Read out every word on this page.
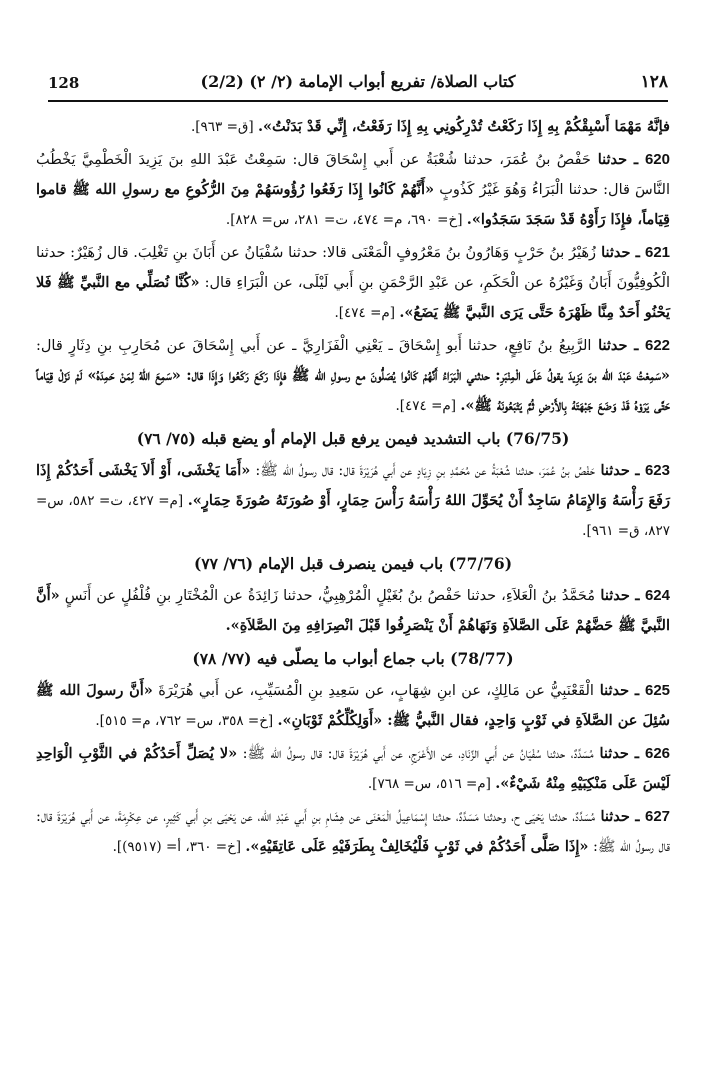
128	(2/2) كتاب الصلاة/ تفريع أبواب الإمامة (٢/ ٢)	١٢٨

فإنَّهُ مَهْمَا أَسْبِقْكُمْ بِهِ إِذَا رَكَعْتُ تُدْرِكُونِي بِهِ إِذَا رَفَعْتُ، إِنِّي قَدْ بَدَنْتُ». [ق= ٩٦٣].

620 ـ حدثنا حَفْصُ بنُ عُمَرَ، حدثنا شُعْبَةُ عن أَبي إِسْحَاقَ قال: سَمِعْتُ عَبْدَ اللهِ بنَ يَزِيدَ الْخَطْمِيَّ يَخْطُبُ النَّاسَ قال: حدثنا الْبَرَاءُ وَهُوَ غَيْرُ كَذُوبٍ «أَنَّهُمْ كَانُوا إِذَا رَفَعُوا رُؤُوسَهُمْ مِنَ الرُّكُوعِ مع رسولِ الله ﷺ قاموا قِيَاماً، فإِذَا رَأَوْهُ قَدْ سَجَدَ سَجَدُوا». [خ= ٦٩٠، م= ٤٧٤، ت= ٢٨١، س= ٨٢٨].

621 ـ حدثنا زُهَيْرُ بنُ حَرْبٍ وَهَارُونُ بنُ مَعْرُوفٍ الْمَعْنَى قالا: حدثنا سُفْيَانُ عن أَبَانَ بنِ تَغْلِبَ. قال زُهَيْرٌ: حدثنا الْكُوفِيُّونَ أَبَانُ وَغَيْرُهُ عن الْحَكَمِ، عن عَبْدِ الرَّحْمَنِ بنِ أَبي لَيْلَى، عن الْبَرَاءِ قال: «كُنَّا نُصَلِّي مع النَّبيِّ ﷺ فَلا يَحْنُو أَحَدٌ مِنَّا ظَهْرَهُ حَتَّى يَرَى النَّبيَّ ﷺ يَضَعُ». [م= ٤٧٤].

622 ـ حدثنا الرَّبِيعُ بنُ نَافِعٍ، حدثنا أَبو إِسْحَاقَ ـ يَعْنِي الْفَزَارِيَّ ـ عن أَبي إِسْحَاقَ عن مُحَارِبِ بنِ دِثَارٍ قال: «سَمِعْتُ عَبْدَ الله بنَ يَزِيدَ يقولُ عَلَى الْمِنْبَرِ: حدثني الْبَرَاءُ أَنَّهُمْ كَانُوا يُصَلُّونَ مع رسولِ الله ﷺ فإِذَا رَكَعَ رَكَعُوا وَإِذَا قال: «سَمِعَ اللهُ لِمَنْ حَمِدَهُ» لَمْ نَزَلْ قِيَاماً حَتَّى يَرَوْهُ قَدْ وَضَعَ جَبْهَتَهُ بِالأَرْضِ ثُمَّ يَتْبَعُونَهُ ﷺ». [م= ٤٧٤].

(76/75) باب التشديد فيمن يرفع قبل الإمام أو يضع قبله (٧٥/ ٧٦)

623 ـ حدثنا حَفْصُ بنُ عُمَرَ، حدثنا شُعْبَةُ عن مُحَمَّدِ بنِ زِيَادٍ عن أَبي هُرَيْرَةَ قال: قال رسولُ الله ﷺ: «أَمَا يَخْشَى، أَوْ أَلاَ يَخْشَى أَحَدُكُمْ إِذَا رَفَعَ رَأْسَهُ وَالإِمَامُ سَاجِدٌ أَنْ يُحَوِّلَ اللهُ رَأْسَهُ رَأْسَ حِمَارٍ، أَوْ صُورَتَهُ صُورَةَ حِمَارٍ». [م= ٤٢٧، ت= ٥٨٢، س= ٨٢٧، ق= ٩٦١].

(77/76) باب فيمن ينصرف قبل الإمام (٧٦/ ٧٧)

624 ـ حدثنا مُحَمَّدُ بنُ الْعَلاَءِ، حدثنا حَفْصُ بنُ بُغَيْلٍ الْمُرْهِبِيُّ، حدثنا زَائِدَةُ عن الْمُخْتَارِ بنِ فُلْفُلٍ عن أَنَسٍ «أَنَّ النَّبيَّ ﷺ حَضَّهُمْ عَلَى الصَّلاَةِ وَنَهَاهُمْ أَنْ يَنْصَرِفُوا قَبْلَ انْصِرَافِهِ مِنَ الصَّلاَةِ».

(78/77) باب جماع أبواب ما يصلّى فيه (٧٧/ ٧٨)

625 ـ حدثنا الْقَعْنَبِيُّ عن مَالِكٍ، عن ابنِ شِهَابٍ، عن سَعِيدِ بنِ الْمُسَيِّبِ، عن أَبي هُرَيْرَةَ «أَنَّ رسولَ الله ﷺ سُئِلَ عن الصَّلاَةِ في ثَوْبٍ وَاحِدٍ، فقال النَّبيُّ ﷺ: «أَوَلِكُلِّكُمْ ثَوْبَانِ». [خ= ٣٥٨، س= ٧٦٢، م= ٥١٥].

626 ـ حدثنا مُسَدَّدٌ، حدثنا سُفْيَانُ عن أَبي الزِّنَادِ، عن الأَعْرَجِ، عن أَبي هُرَيْرَةَ قال: قال رسولُ الله ﷺ: «لا يُصَلِّ أَحَدُكُمْ في الثَّوْبِ الْوَاحِدِ لَيْسَ عَلَى مَنْكِبَيْهِ مِنْهُ شَيْءٌ». [م= ٥١٦، س= ٧٦٨].

627 ـ حدثنا مُسَدَّدٌ، حدثنا يَحْيَى ح، وحدثنا مَسَدَّدٌ، حدثنا إِسْمَاعِيلُ الْمَعْنَى عن هِشَامِ بنِ أَبي عَبْدِ الله، عن يَحْيَى بنِ أَبي كَثِيرٍ، عن عِكْرِمَةَ، عن أَبي هُرَيْرَةَ قال: قال رسولُ الله ﷺ: «إِذَا صَلَّى أَحَدُكُمْ في ثَوْبٍ فَلْيُخَالِفْ بِطَرَفَيْهِ عَلَى عَاتِقَيْهِ». [خ= ٣٦٠، أ= (٩٥١٧)].
